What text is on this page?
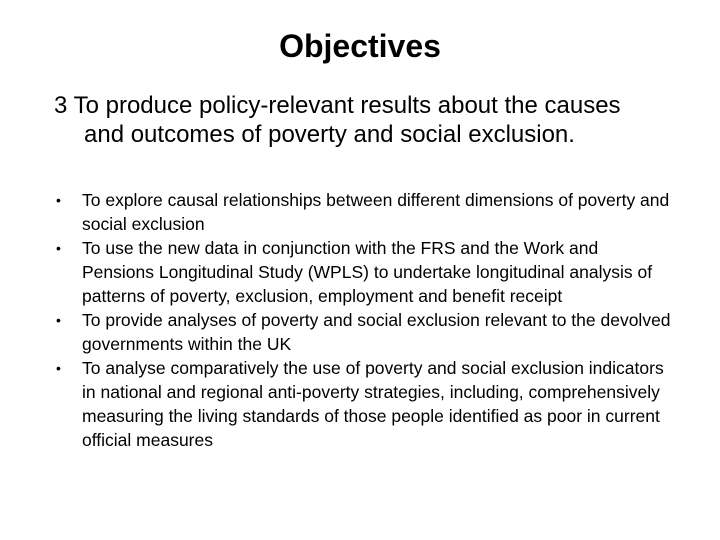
Objectives

3 To produce policy-relevant results about the causes and outcomes of poverty and social exclusion.

• To explore causal relationships between different dimensions of poverty and social exclusion
• To use the new data in conjunction with the FRS and the Work and Pensions Longitudinal Study (WPLS) to undertake longitudinal analysis of patterns of poverty, exclusion, employment and benefit receipt
• To provide analyses of poverty and social exclusion relevant to the devolved governments within the UK
• To analyse comparatively the use of poverty and social exclusion indicators in national and regional anti-poverty strategies, including, comprehensively measuring the living standards of those people identified as poor in current official measures
